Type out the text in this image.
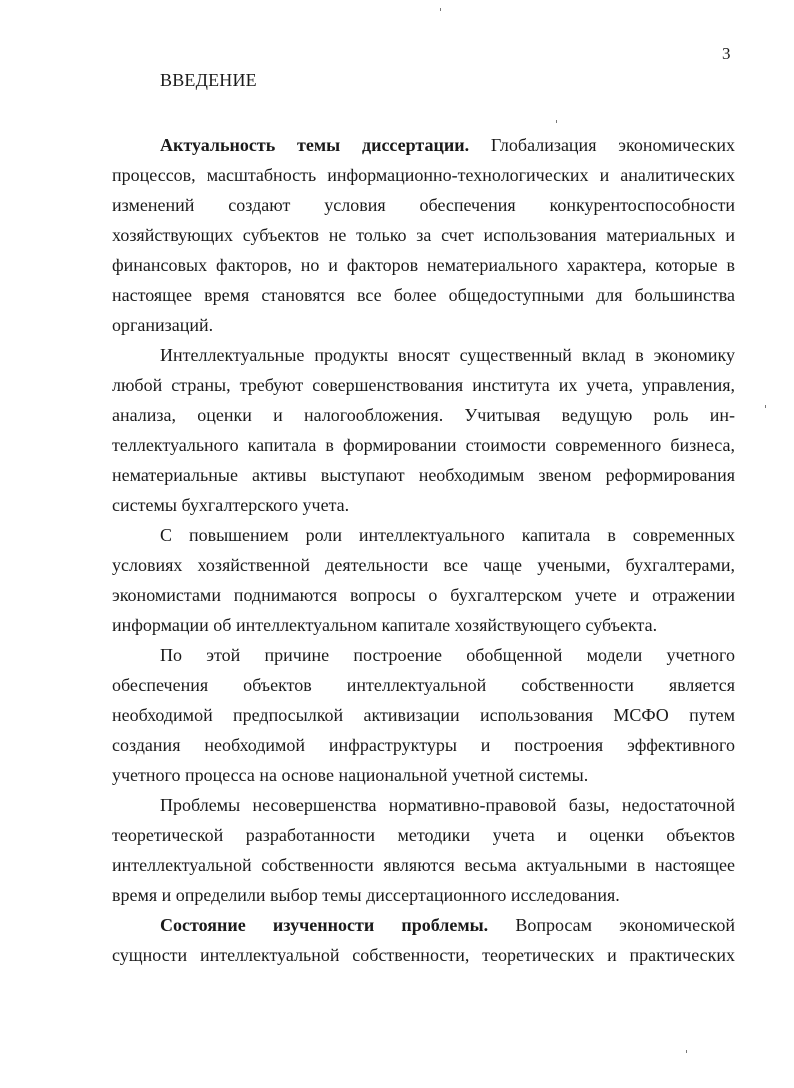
3
ВВЕДЕНИЕ
Актуальность темы диссертации. Глобализация экономических
процессов, масштабность информационно-технологических и аналитических
изменений создают условия обеспечения конкурентоспособности
хозяйствующих субъектов не только за счет использования материальных и
финансовых факторов, но и факторов нематериального характера, которые в
настоящее время становятся все более общедоступными для большинства
организаций.
Интеллектуальные продукты вносят существенный вклад в экономику
любой страны, требуют совершенствования института их учета, управления,
анализа, оценки и налогообложения. Учитывая ведущую роль ин-
теллектуального капитала в формировании стоимости современного бизнеса,
нематериальные активы выступают необходимым звеном реформирования
системы бухгалтерского учета.
С повышением роли интеллектуального капитала в современных
условиях хозяйственной деятельности все чаще учеными, бухгалтерами,
экономистами поднимаются вопросы о бухгалтерском учете и отражении
информации об интеллектуальном капитале хозяйствующего субъекта.
По этой причине построение обобщенной модели учетного
обеспечения объектов интеллектуальной собственности является
необходимой предпосылкой активизации использования МСФО путем
создания необходимой инфраструктуры и построения эффективного
учетного процесса на основе национальной учетной системы.
Проблемы несовершенства нормативно-правовой базы, недостаточной
теоретической разработанности методики учета и оценки объектов
интеллектуальной собственности являются весьма актуальными в настоящее
время и определили выбор темы диссертационного исследования.
Состояние изученности проблемы. Вопросам экономической
сущности интеллектуальной собственности, теоретических и практических
